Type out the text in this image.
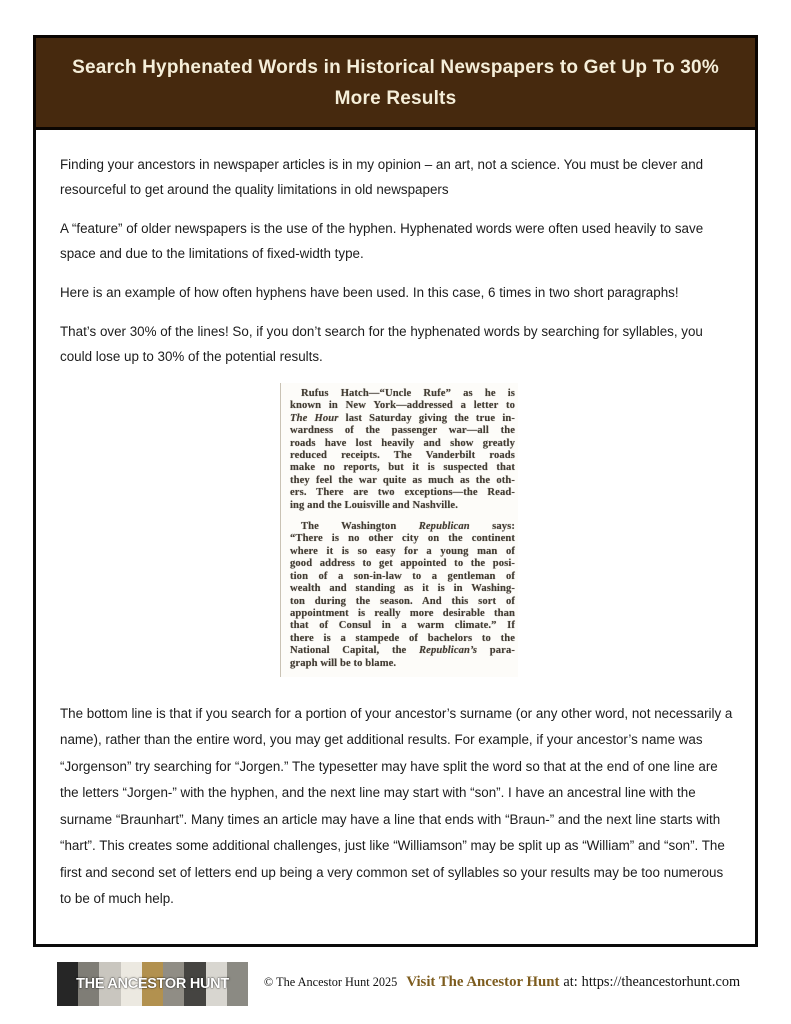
Search Hyphenated Words in Historical Newspapers to Get Up To 30%
More Results
Finding your ancestors in newspaper articles is in my opinion – an art, not a science. You must be clever and resourceful to get around the quality limitations in old newspapers
A “feature” of older newspapers is the use of the hyphen. Hyphenated words were often used heavily to save space and due to the limitations of fixed-width type.
Here is an example of how often hyphens have been used. In this case, 6 times in two short paragraphs!
That’s over 30% of the lines! So, if you don’t search for the hyphenated words by searching for syllables, you could lose up to 30% of the potential results.
Rufus Hatch—“Uncle Rufe” as he is
known in New York—addressed a letter to
The Hour last Saturday giving the true in-
wardness of the passenger war—all the
roads have lost heavily and show greatly
reduced receipts. The Vanderbilt roads
make no reports, but it is suspected that
they feel the war quite as much as the oth-
ers. There are two exceptions—the Read-
ing and the Louisville and Nashville.
The Washington Republican says:
“There is no other city on the continent
where it is so easy for a young man of
good address to get appointed to the posi-
tion of a son-in-law to a gentleman of
wealth and standing as it is in Washing-
ton during the season. And this sort of
appointment is really more desirable than
that of Consul in a warm climate.” If
there is a stampede of bachelors to the
National Capital, the Republican’s para-
graph will be to blame.
The bottom line is that if you search for a portion of your ancestor’s surname (or any other word, not necessarily a name), rather than the entire word, you may get additional results. For example, if your ancestor’s name was “Jorgenson” try searching for “Jorgen.” The typesetter may have split the word so that at the end of one line are the letters “Jorgen-” with the hyphen, and the next line may start with “son”. I have an ancestral line with the surname “Braunhart”. Many times an article may have a line that ends with “Braun-” and the next line starts with “hart”. This creates some additional challenges, just like “Williamson” may be split up as “William” and “son”. The first and second set of letters end up being a very common set of syllables so your results may be too numerous to be of much help.
THE ANCESTOR HUNT	© The Ancestor Hunt 2025 Visit The Ancestor Hunt at: https://theancestorhunt.com
